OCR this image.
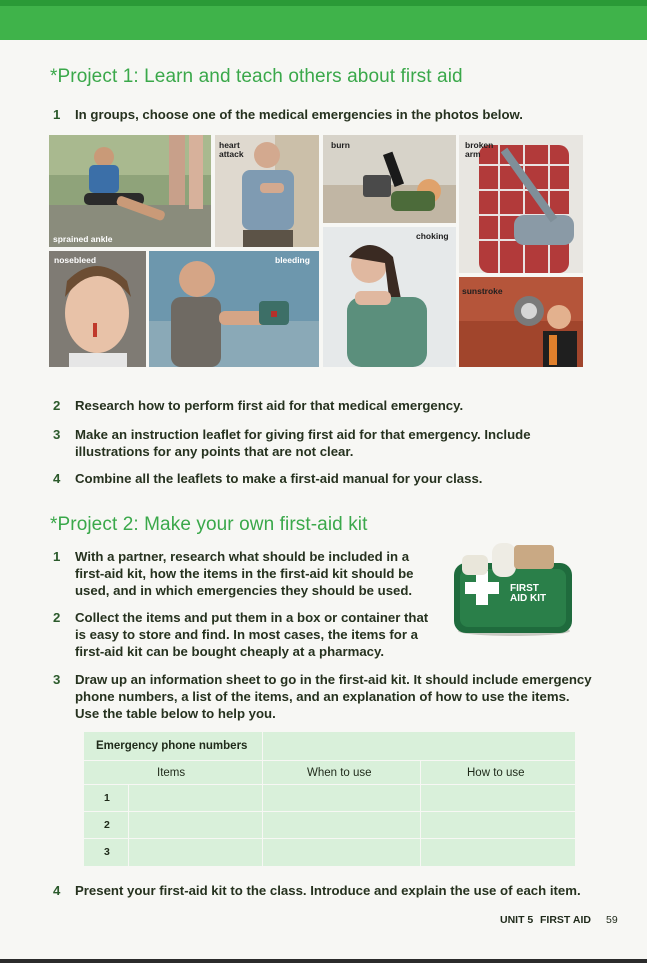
*Project 1: Learn and teach others about first aid
1	In groups, choose one of the medical emergencies in the photos below.
sprained ankle
heart
attack
burn
choking
broken
arm
sunstroke
nosebleed	bleeding
2	Research how to perform first aid for that medical emergency.
3	Make an instruction leaflet for giving first aid for that emergency. Include
illustrations for any points that are not clear.
4	Combine all the leaflets to make a first-aid manual for your class.
*Project 2: Make your own first-aid kit
1	With a partner, research what should be included in a
first-aid kit, how the items in the first-aid kit should be
used, and in which emergencies they should be used.	FIRST
AID KIT
2	Collect the items and put them in a box or container that
is easy to store and find. In most cases, the items for a
first-aid kit can be bought cheaply at a pharmacy.
3	Draw up an information sheet to go in the first-aid kit. It should include emergency
phone numbers, a list of the items, and an explanation of how to use the items.
Use the table below to help you.
Emergency phone numbers
Items	When to use	How to use
1
2
3
4	Present your first-aid kit to the class. Introduce and explain the use of each item.
UNIT 5 FIRST AID 59
